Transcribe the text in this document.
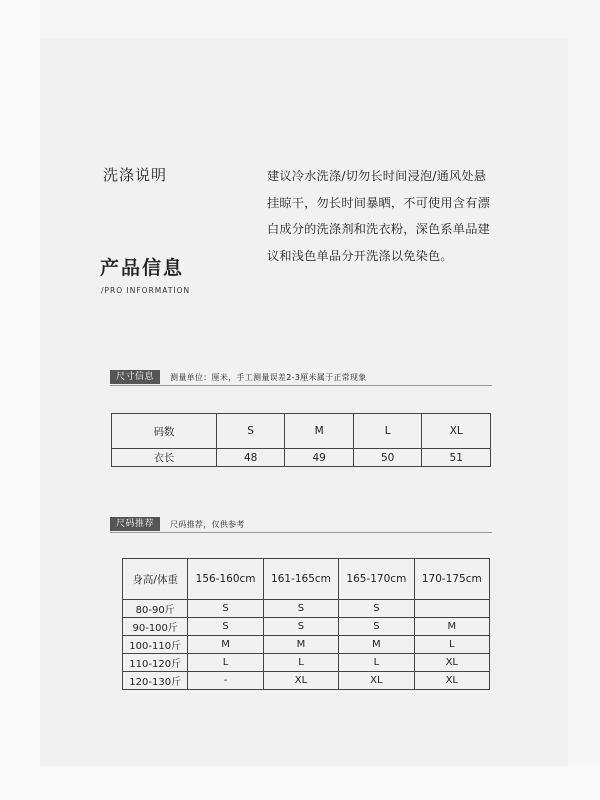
洗涤说明	建议冷水洗涤/切勿长时间浸泡/通风处悬
挂晾干，勿长时间暴晒，不可使用含有漂
白成分的洗涤剂和洗衣粉，深色系单品建
议和浅色单品分开洗涤以免染色。
产品信息
/PRO INFORMATION
尺寸信息	测量单位：厘米，手工测量误差2-3厘米属于正常现象
码数	S	M	L	XL
衣长	48	49	50	51
尺码推荐	尺码推荐，仅供参考
身高/体重	156-160cm	161-165cm	165-170cm	170-175cm
80-90斤	S	S	S	
90-100斤	S	S	S	M
100-110斤	M	M	M	L
110-120斤	L	L	L	XL
120-130斤	-	XL	XL	XL
